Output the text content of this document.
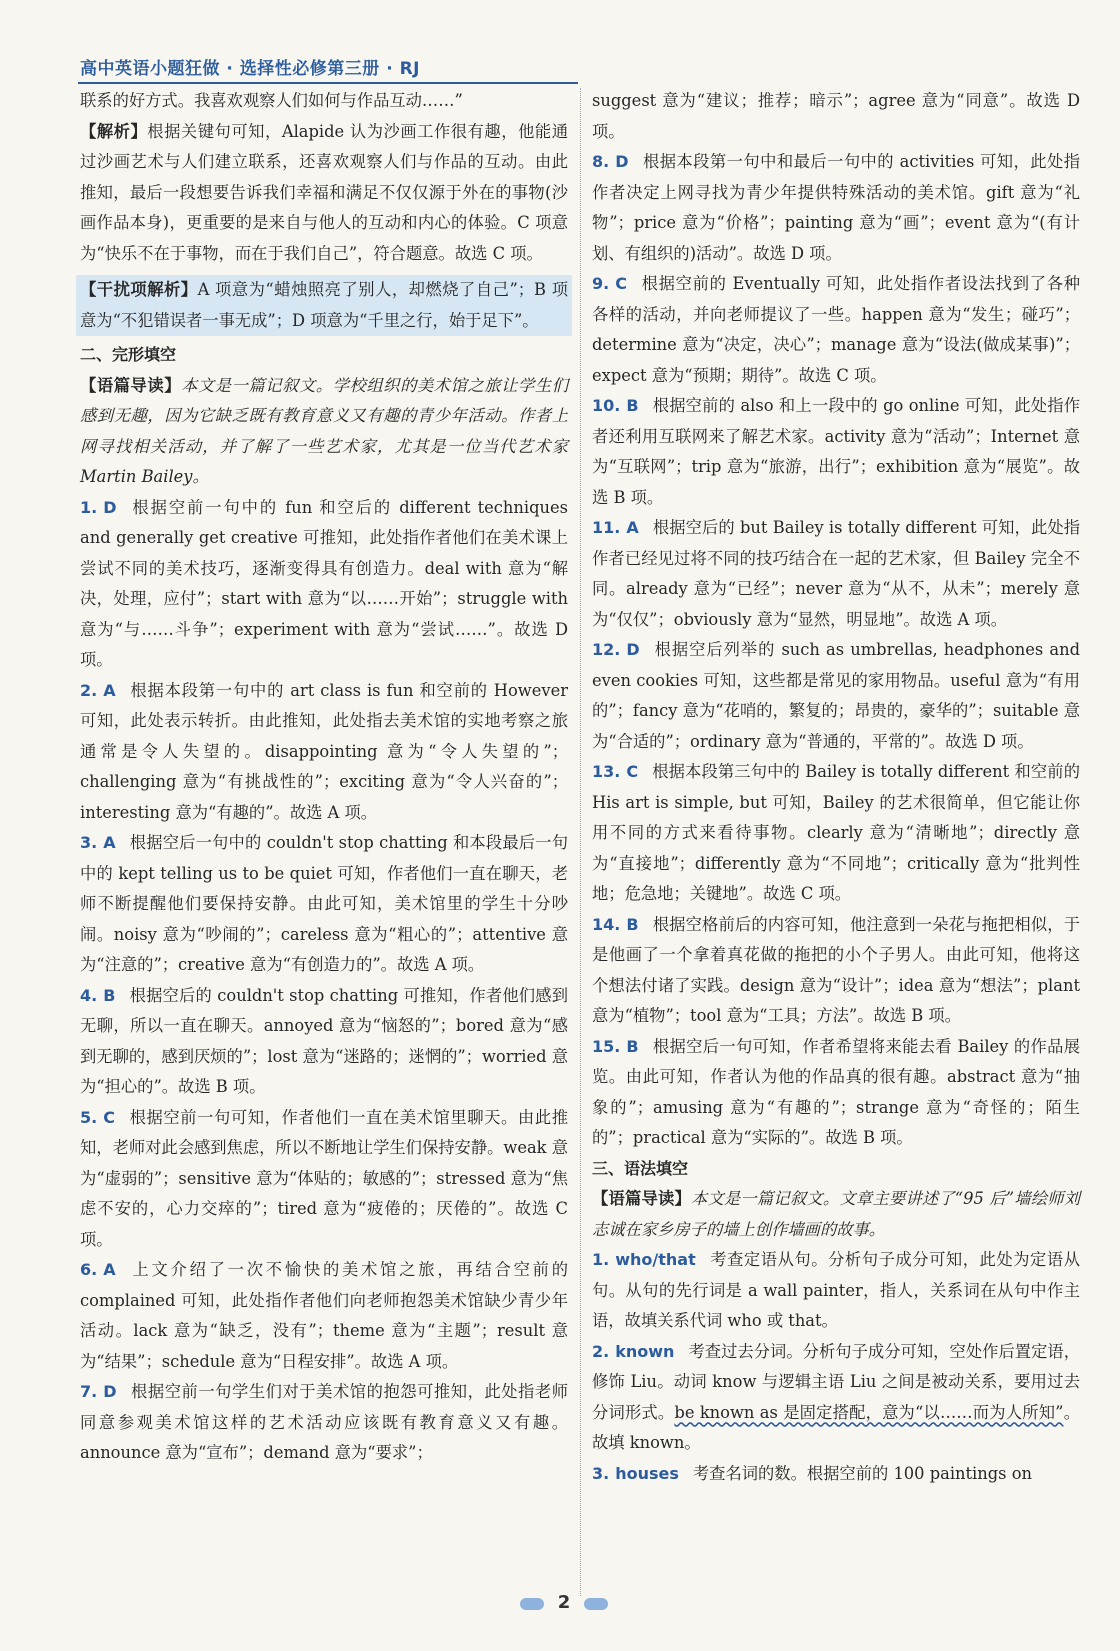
高中英语小题狂做 · 选择性必修第三册 · RJ

联系的好方式。我喜欢观察人们如何与作品互动……”

【解析】根据关键句可知，Alapide 认为沙画工作很有趣，他能通过沙画艺术与人们建立联系，还喜欢观察人们与作品的互动。由此推知，最后一段想要告诉我们幸福和满足不仅仅源于外在的事物(沙画作品本身)，更重要的是来自与他人的互动和内心的体验。C 项意为“快乐不在于事物，而在于我们自己”，符合题意。故选 C 项。

【干扰项解析】A 项意为“蜡烛照亮了别人，却燃烧了自己”；B 项意为“不犯错误者一事无成”；D 项意为“千里之行，始于足下”。

二、完形填空

【语篇导读】本文是一篇记叙文。学校组织的美术馆之旅让学生们感到无趣，因为它缺乏既有教育意义又有趣的青少年活动。作者上网寻找相关活动，并了解了一些艺术家，尤其是一位当代艺术家 Martin Bailey。

1. D 根据空前一句中的 fun 和空后的 different techniques and generally get creative 可推知，此处指作者他们在美术课上尝试不同的美术技巧，逐渐变得具有创造力。deal with 意为“解决，处理，应付”；start with 意为“以……开始”；struggle with 意为“与……斗争”；experiment with 意为“尝试……”。故选 D 项。

2. A 根据本段第一句中的 art class is fun 和空前的 However 可知，此处表示转折。由此推知，此处指去美术馆的实地考察之旅通常是令人失望的。disappointing 意为“令人失望的”；challenging 意为“有挑战性的”；exciting 意为“令人兴奋的”；interesting 意为“有趣的”。故选 A 项。

3. A 根据空后一句中的 couldn't stop chatting 和本段最后一句中的 kept telling us to be quiet 可知，作者他们一直在聊天，老师不断提醒他们要保持安静。由此可知，美术馆里的学生十分吵闹。noisy 意为“吵闹的”；careless 意为“粗心的”；attentive 意为“注意的”；creative 意为“有创造力的”。故选 A 项。

4. B 根据空后的 couldn't stop chatting 可推知，作者他们感到无聊，所以一直在聊天。annoyed 意为“恼怒的”；bored 意为“感到无聊的，感到厌烦的”；lost 意为“迷路的；迷惘的”；worried 意为“担心的”。故选 B 项。

5. C 根据空前一句可知，作者他们一直在美术馆里聊天。由此推知，老师对此会感到焦虑，所以不断地让学生们保持安静。weak 意为“虚弱的”；sensitive 意为“体贴的；敏感的”；stressed 意为“焦虑不安的，心力交瘁的”；tired 意为“疲倦的；厌倦的”。故选 C 项。

6. A 上文介绍了一次不愉快的美术馆之旅，再结合空前的 complained 可知，此处指作者他们向老师抱怨美术馆缺少青少年活动。lack 意为“缺乏，没有”；theme 意为“主题”；result 意为“结果”；schedule 意为“日程安排”。故选 A 项。

7. D 根据空前一句学生们对于美术馆的抱怨可推知，此处指老师同意参观美术馆这样的艺术活动应该既有教育意义又有趣。announce 意为“宣布”；demand 意为“要求”；

suggest 意为“建议；推荐；暗示”；agree 意为“同意”。故选 D 项。

8. D 根据本段第一句中和最后一句中的 activities 可知，此处指作者决定上网寻找为青少年提供特殊活动的美术馆。gift 意为“礼物”；price 意为“价格”；painting 意为“画”；event 意为“(有计划、有组织的)活动”。故选 D 项。

9. C 根据空前的 Eventually 可知，此处指作者设法找到了各种各样的活动，并向老师提议了一些。happen 意为“发生；碰巧”；determine 意为“决定，决心”；manage 意为“设法(做成某事)”；expect 意为“预期；期待”。故选 C 项。

10. B 根据空前的 also 和上一段中的 go online 可知，此处指作者还利用互联网来了解艺术家。activity 意为“活动”；Internet 意为“互联网”；trip 意为“旅游，出行”；exhibition 意为“展览”。故选 B 项。

11. A 根据空后的 but Bailey is totally different 可知，此处指作者已经见过将不同的技巧结合在一起的艺术家，但 Bailey 完全不同。already 意为“已经”；never 意为“从不，从未”；merely 意为“仅仅”；obviously 意为“显然，明显地”。故选 A 项。

12. D 根据空后列举的 such as umbrellas, headphones and even cookies 可知，这些都是常见的家用物品。useful 意为“有用的”；fancy 意为“花哨的，繁复的；昂贵的，豪华的”；suitable 意为“合适的”；ordinary 意为“普通的，平常的”。故选 D 项。

13. C 根据本段第三句中的 Bailey is totally different 和空前的 His art is simple, but 可知，Bailey 的艺术很简单，但它能让你用不同的方式来看待事物。clearly 意为“清晰地”；directly 意为“直接地”；differently 意为“不同地”；critically 意为“批判性地；危急地；关键地”。故选 C 项。

14. B 根据空格前后的内容可知，他注意到一朵花与拖把相似，于是他画了一个拿着真花做的拖把的小个子男人。由此可知，他将这个想法付诸了实践。design 意为“设计”；idea 意为“想法”；plant 意为“植物”；tool 意为“工具；方法”。故选 B 项。

15. B 根据空后一句可知，作者希望将来能去看 Bailey 的作品展览。由此可知，作者认为他的作品真的很有趣。abstract 意为“抽象的”；amusing 意为“有趣的”；strange 意为“奇怪的；陌生的”；practical 意为“实际的”。故选 B 项。

三、语法填空

【语篇导读】本文是一篇记叙文。文章主要讲述了“95 后”墙绘师刘志诚在家乡房子的墙上创作墙画的故事。

1. who/that 考查定语从句。分析句子成分可知，此处为定语从句。从句的先行词是 a wall painter，指人，关系词在从句中作主语，故填关系代词 who 或 that。

2. known 考查过去分词。分析句子成分可知，空处作后置定语，修饰 Liu。动词 know 与逻辑主语 Liu 之间是被动关系，要用过去分词形式。be known as 是固定搭配，意为“以……而为人所知”。故填 known。

3. houses 考查名词的数。根据空前的 100 paintings on

2
